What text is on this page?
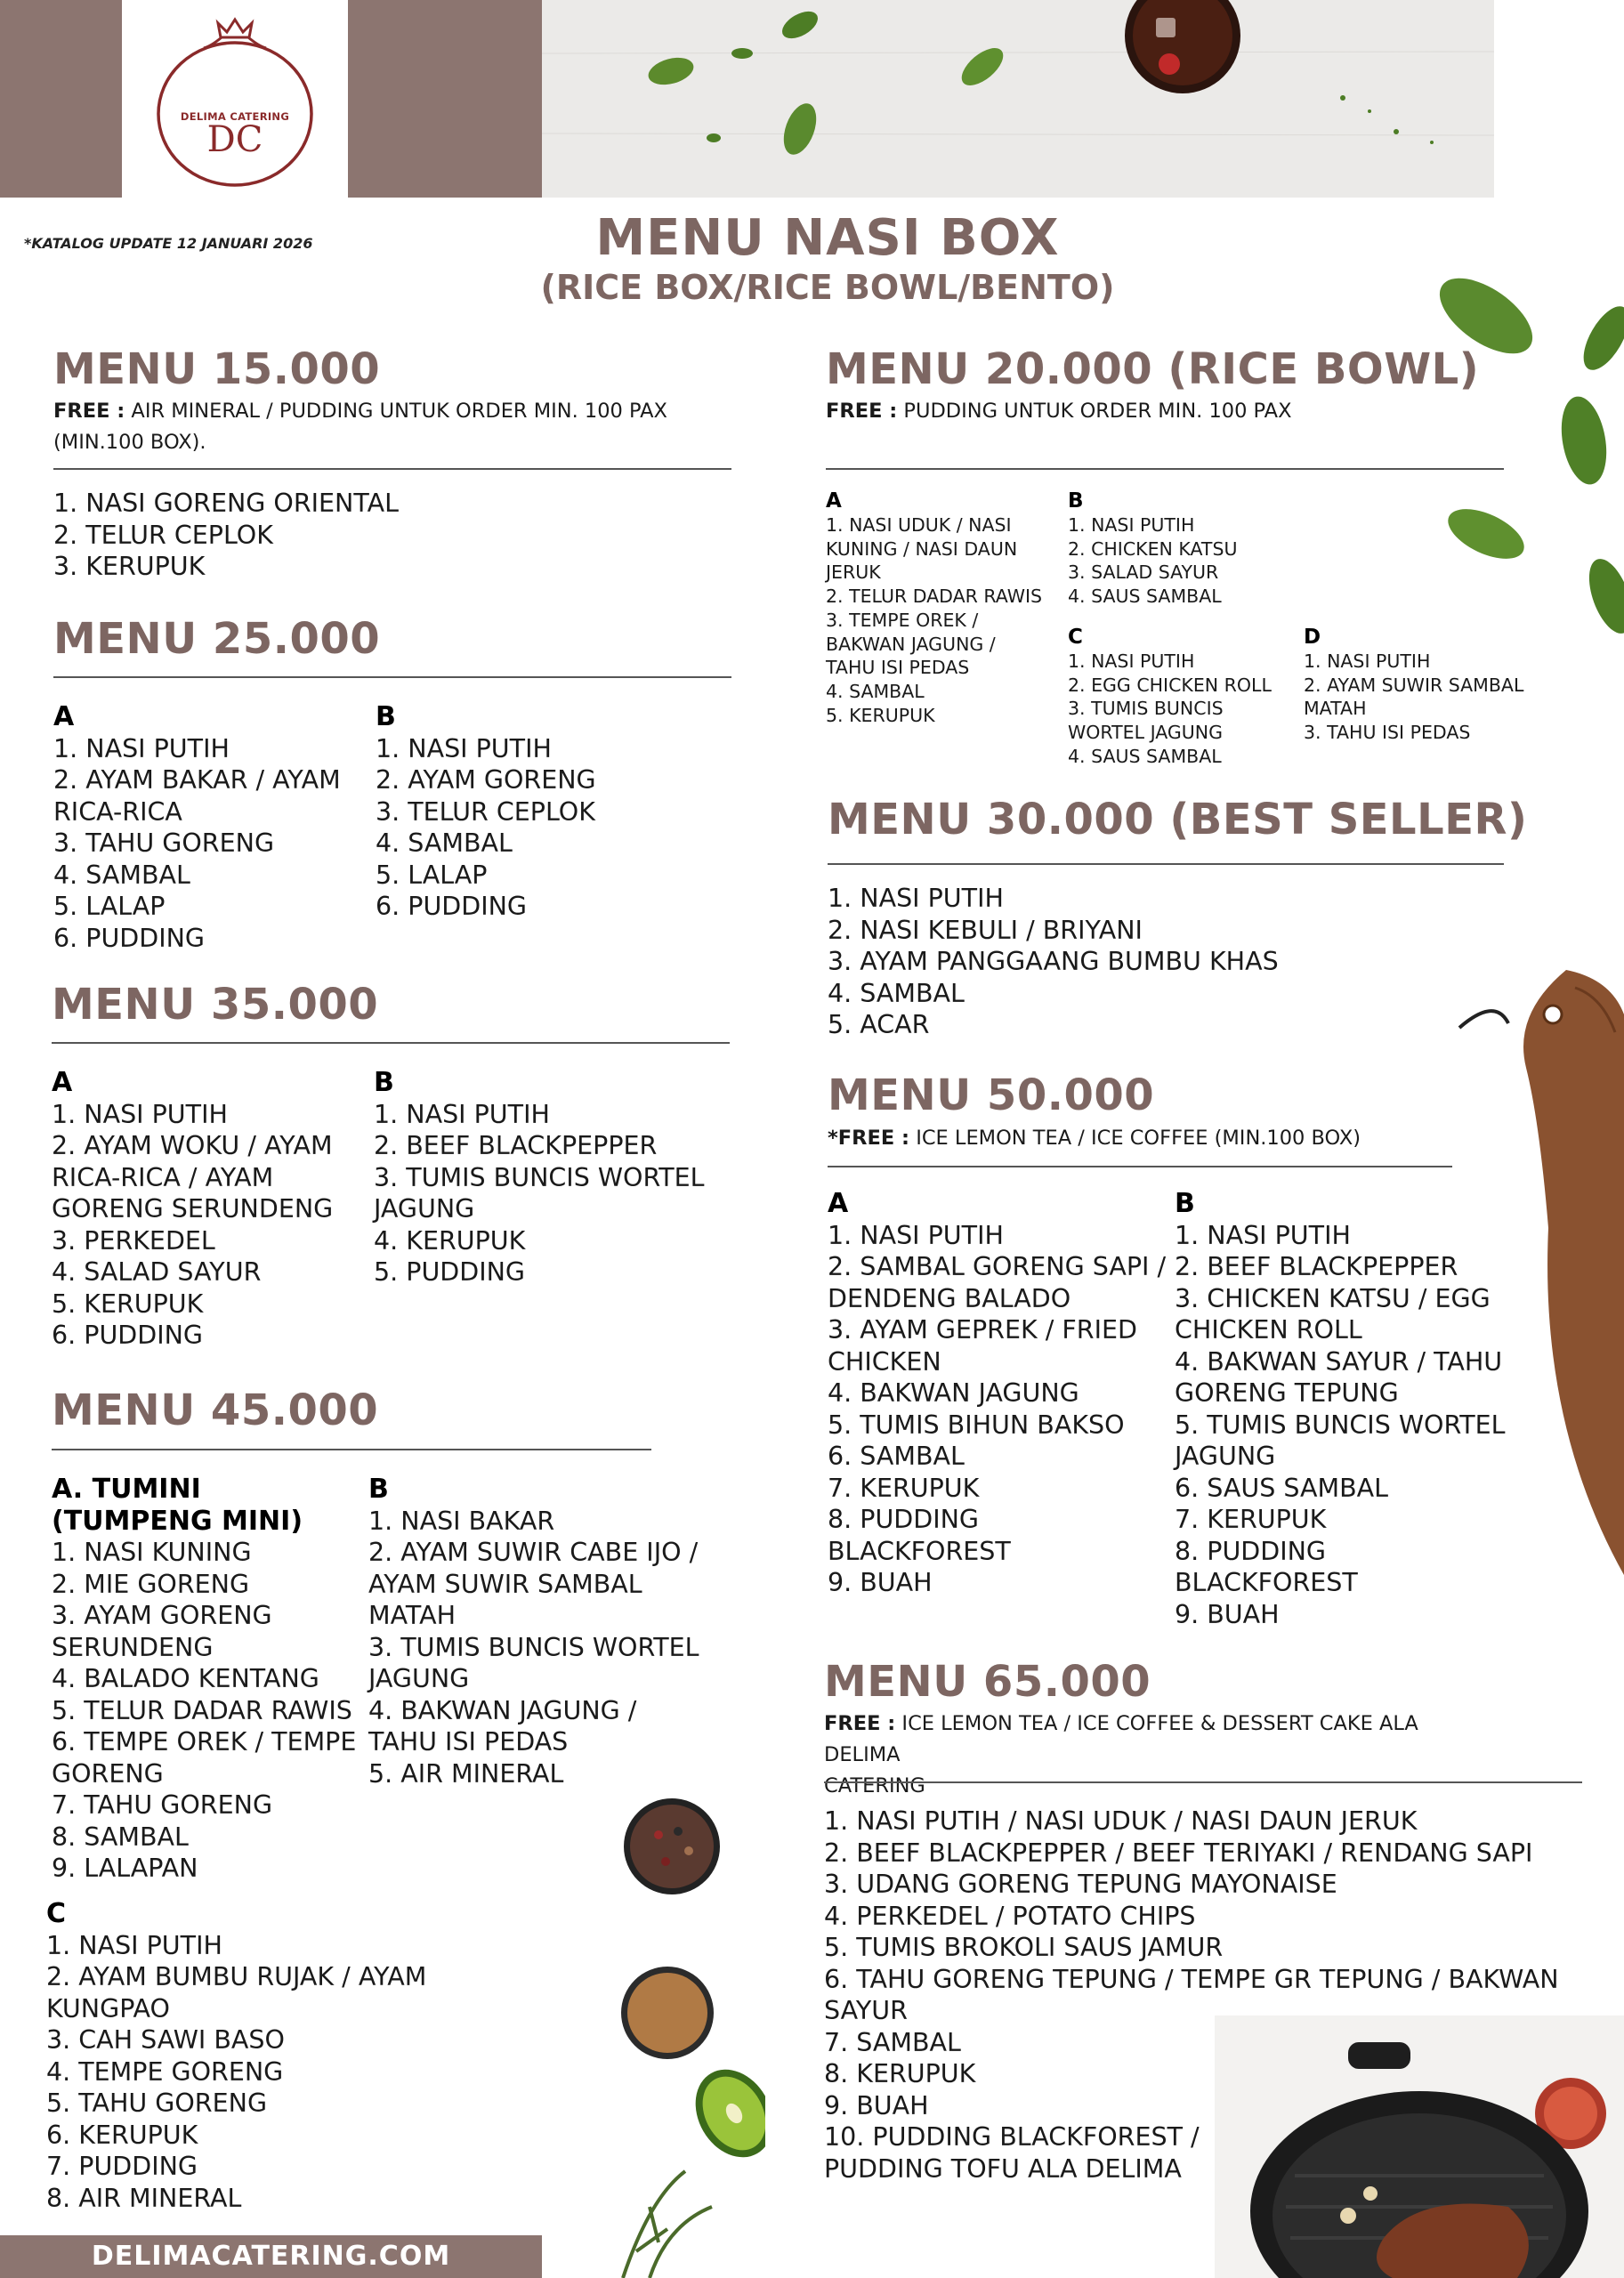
DELIMA CATERING
DC
*KATALOG UPDATE 12 JANUARI 2026	MENU NASI BOX
(RICE BOX/RICE BOWL/BENTO)
MENU 15.000
FREE : AIR MINERAL / PUDDING UNTUK ORDER MIN. 100 PAX
(MIN.100 BOX).
1. NASI GORENG ORIENTAL
2. TELUR CEPLOK
3. KERUPUK
MENU 25.000
A
1. NASI PUTIH
2. AYAM BAKAR / AYAM
RICA-RICA
3. TAHU GORENG
4. SAMBAL
5. LALAP
6. PUDDING
B
1. NASI PUTIH
2. AYAM GORENG
3. TELUR CEPLOK
4. SAMBAL
5. LALAP
6. PUDDING
MENU 35.000
A
1. NASI PUTIH
2. AYAM WOKU / AYAM
RICA-RICA / AYAM
GORENG SERUNDENG
3. PERKEDEL
4. SALAD SAYUR
5. KERUPUK
6. PUDDING
B
1. NASI PUTIH
2. BEEF BLACKPEPPER
3. TUMIS BUNCIS WORTEL
JAGUNG
4. KERUPUK
5. PUDDING
MENU 45.000
A. TUMINI
(TUMPENG MINI)
1. NASI KUNING
2. MIE GORENG
3. AYAM GORENG
SERUNDENG
4. BALADO KENTANG
5. TELUR DADAR RAWIS
6. TEMPE OREK / TEMPE
GORENG
7. TAHU GORENG
8. SAMBAL
9. LALAPAN
B
1. NASI BAKAR
2. AYAM SUWIR CABE IJO /
AYAM SUWIR SAMBAL
MATAH
3. TUMIS BUNCIS WORTEL
JAGUNG
4. BAKWAN JAGUNG /
TAHU ISI PEDAS
5. AIR MINERAL
C
1. NASI PUTIH
2. AYAM BUMBU RUJAK / AYAM
KUNGPAO
3. CAH SAWI BASO
4. TEMPE GORENG
5. TAHU GORENG
6. KERUPUK
7. PUDDING
8. AIR MINERAL
MENU 20.000 (RICE BOWL)
FREE : PUDDING UNTUK ORDER MIN. 100 PAX
A
1. NASI UDUK / NASI
KUNING / NASI DAUN
JERUK
2. TELUR DADAR RAWIS
3. TEMPE OREK /
BAKWAN JAGUNG /
TAHU ISI PEDAS
4. SAMBAL
5. KERUPUK
B
1. NASI PUTIH
2. CHICKEN KATSU
3. SALAD SAYUR
4. SAUS SAMBAL
C
1. NASI PUTIH
2. EGG CHICKEN ROLL
3. TUMIS BUNCIS
WORTEL JAGUNG
4. SAUS SAMBAL
D
1. NASI PUTIH
2. AYAM SUWIR SAMBAL
MATAH
3. TAHU ISI PEDAS
MENU 30.000 (BEST SELLER)
1. NASI PUTIH
2. NASI KEBULI / BRIYANI
3. AYAM PANGGAANG BUMBU KHAS
4. SAMBAL
5. ACAR
MENU 50.000
*FREE : ICE LEMON TEA / ICE COFFEE (MIN.100 BOX)
A
1. NASI PUTIH
2. SAMBAL GORENG SAPI /
DENDENG BALADO
3. AYAM GEPREK / FRIED
CHICKEN
4. BAKWAN JAGUNG
5. TUMIS BIHUN BAKSO
6. SAMBAL
7. KERUPUK
8. PUDDING
BLACKFOREST
9. BUAH
B
1. NASI PUTIH
2. BEEF BLACKPEPPER
3. CHICKEN KATSU / EGG
CHICKEN ROLL
4. BAKWAN SAYUR / TAHU
GORENG TEPUNG
5. TUMIS BUNCIS WORTEL
JAGUNG
6. SAUS SAMBAL
7. KERUPUK
8. PUDDING
BLACKFOREST
9. BUAH
MENU 65.000
FREE : ICE LEMON TEA / ICE COFFEE & DESSERT CAKE ALA DELIMA
CATERING
1. NASI PUTIH / NASI UDUK / NASI DAUN JERUK
2. BEEF BLACKPEPPER / BEEF TERIYAKI / RENDANG SAPI
3. UDANG GORENG TEPUNG MAYONAISE
4. PERKEDEL / POTATO CHIPS
5. TUMIS BROKOLI SAUS JAMUR
6. TAHU GORENG TEPUNG / TEMPE GR TEPUNG / BAKWAN
SAYUR
7. SAMBAL
8. KERUPUK
9. BUAH
10. PUDDING BLACKFOREST /
PUDDING TOFU ALA DELIMA
DELIMACATERING.COM
